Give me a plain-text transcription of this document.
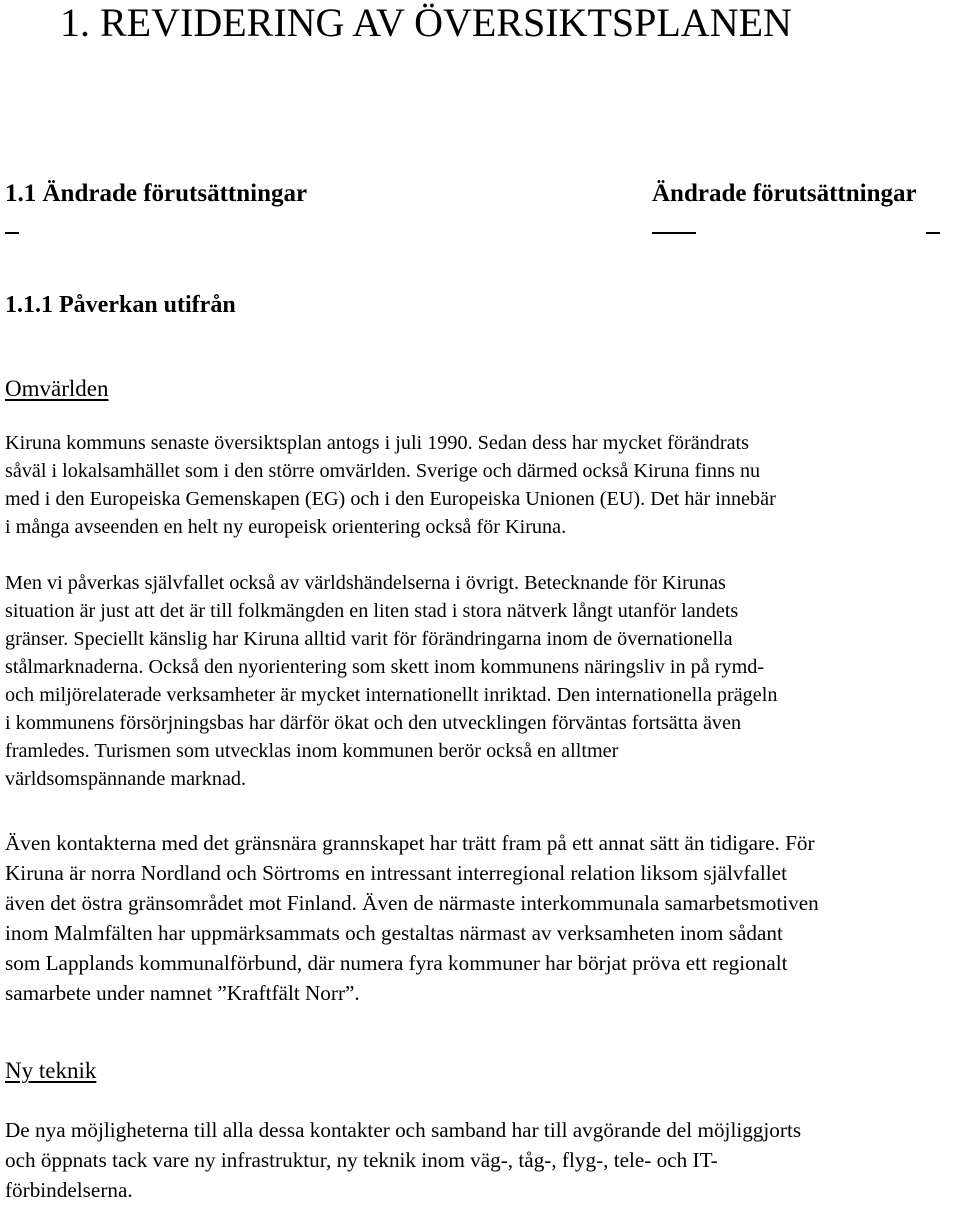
1. REVIDERING AV ÖVERSIKTSPLANEN
1.1 Ändrade förutsättningar	Ändrade förutsättningar
1.1.1 Påverkan utifrån
Omvärlden
Kiruna kommuns senaste översiktsplan antogs i juli 1990. Sedan dess har mycket förändrats
såväl i lokalsamhället som i den större omvärlden. Sverige och därmed också Kiruna finns nu
med i den Europeiska Gemenskapen (EG) och i den Europeiska Unionen (EU). Det här innebär
i många avseenden en helt ny europeisk orientering också för Kiruna.
Men vi påverkas självfallet också av världshändelserna i övrigt. Betecknande för Kirunas
situation är just att det är till folkmängden en liten stad i stora nätverk långt utanför landets
gränser. Speciellt känslig har Kiruna alltid varit för förändringarna inom de övernationella
stålmarknaderna. Också den nyorientering som skett inom kommunens näringsliv in på rymd-
och miljörelaterade verksamheter är mycket internationellt inriktad. Den internationella prägeln
i kommunens försörjningsbas har därför ökat och den utvecklingen förväntas fortsätta även
framledes. Turismen som utvecklas inom kommunen berör också en alltmer
världsomspännande marknad.
Även kontakterna med det gränsnära grannskapet har trätt fram på ett annat sätt än tidigare. För
Kiruna är norra Nordland och Sörtroms en intressant interregional relation liksom självfallet
även det östra gränsområdet mot Finland. Även de närmaste interkommunala samarbetsmotiven
inom Malmfälten har uppmärksammats och gestaltas närmast av verksamheten inom sådant
som Lapplands kommunalförbund, där numera fyra kommuner har börjat pröva ett regionalt
samarbete under namnet ”Kraftfält Norr”.
Ny teknik
De nya möjligheterna till alla dessa kontakter och samband har till avgörande del möjliggjorts
och öppnats tack vare ny infrastruktur, ny teknik inom väg-, tåg-, flyg-, tele- och IT-
förbindelserna.
